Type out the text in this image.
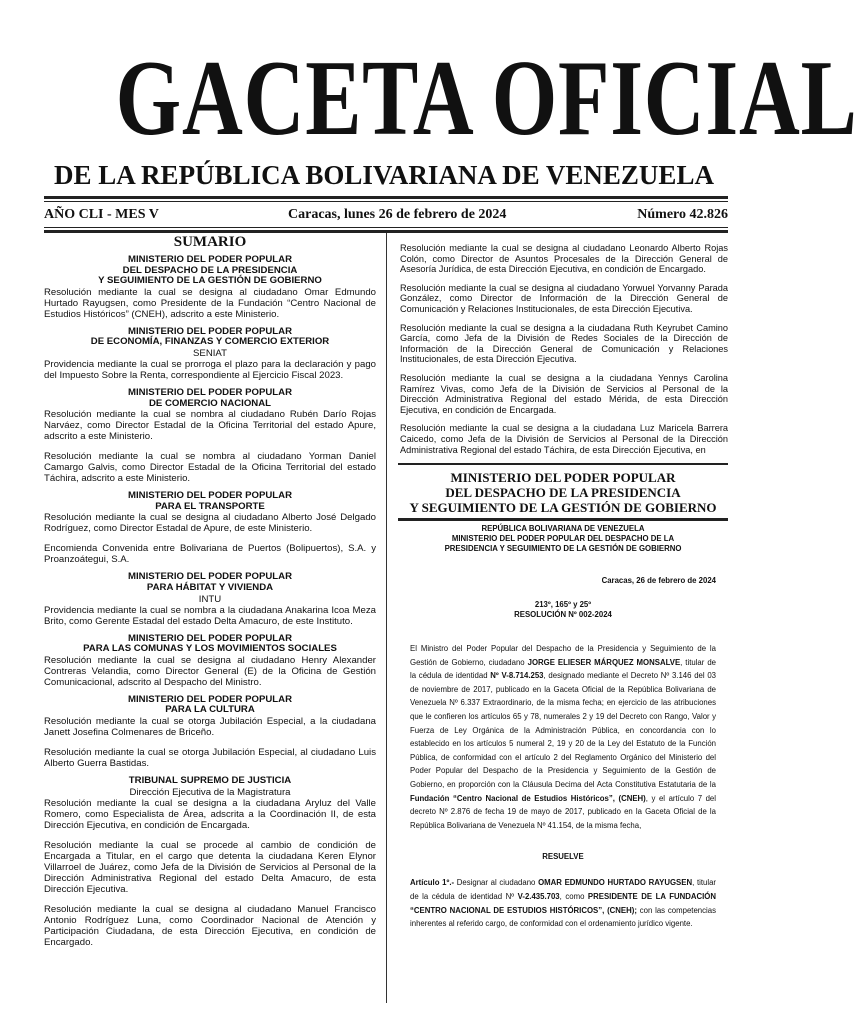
GACETA OFICIAL
DE LA REPÚBLICA BOLIVARIANA DE VENEZUELA
AÑO CLI - MES V	Caracas, lunes 26 de febrero de 2024	Número 42.826
SUMARIO
MINISTERIO DEL PODER POPULAR
DEL DESPACHO DE LA PRESIDENCIA
Y SEGUIMIENTO DE LA GESTIÓN DE GOBIERNO
Resolución mediante la cual se designa al ciudadano Omar Edmundo Hurtado Rayugsen, como Presidente de la Fundación “Centro Nacional de Estudios Históricos” (CNEH), adscrito a este Ministerio.
MINISTERIO DEL PODER POPULAR
DE ECONOMÍA, FINANZAS Y COMERCIO EXTERIOR
SENIAT
Providencia mediante la cual se prorroga el plazo para la declaración y pago del Impuesto Sobre la Renta, correspondiente al Ejercicio Fiscal 2023.
MINISTERIO DEL PODER POPULAR
DE COMERCIO NACIONAL
Resolución mediante la cual se nombra al ciudadano Rubén Darío Rojas Narváez, como Director Estadal de la Oficina Territorial del estado Apure, adscrito a este Ministerio.
Resolución mediante la cual se nombra al ciudadano Yorman Daniel Camargo Galvis, como Director Estadal de la Oficina Territorial del estado Táchira, adscrito a este Ministerio.
MINISTERIO DEL PODER POPULAR
PARA EL TRANSPORTE
Resolución mediante la cual se designa al ciudadano Alberto José Delgado Rodríguez, como Director Estadal de Apure, de este Ministerio.
Encomienda Convenida entre Bolivariana de Puertos (Bolipuertos), S.A. y Proanzoátegui, S.A.
MINISTERIO DEL PODER POPULAR
PARA HÁBITAT Y VIVIENDA
INTU
Providencia mediante la cual se nombra a la ciudadana Anakarina Icoa Meza Brito, como Gerente Estadal del estado Delta Amacuro, de este Instituto.
MINISTERIO DEL PODER POPULAR
PARA LAS COMUNAS Y LOS MOVIMIENTOS SOCIALES
Resolución mediante la cual se designa al ciudadano Henry Alexander Contreras Velandia, como Director General (E) de la Oficina de Gestión Comunicacional, adscrito al Despacho del Ministro.
MINISTERIO DEL PODER POPULAR
PARA LA CULTURA
Resolución mediante la cual se otorga Jubilación Especial, a la ciudadana Janett Josefina Colmenares de Briceño.
Resolución mediante la cual se otorga Jubilación Especial, al ciudadano Luis Alberto Guerra Bastidas.
TRIBUNAL SUPREMO DE JUSTICIA
Dirección Ejecutiva de la Magistratura
Resolución mediante la cual se designa a la ciudadana Aryluz del Valle Romero, como Especialista de Área, adscrita a la Coordinación II, de esta Dirección Ejecutiva, en condición de Encargada.
Resolución mediante la cual se procede al cambio de condición de Encargada a Titular, en el cargo que detenta la ciudadana Keren Elynor Villarroel de Juárez, como Jefa de la División de Servicios al Personal de la Dirección Administrativa Regional del estado Delta Amacuro, de esta Dirección Ejecutiva.
Resolución mediante la cual se designa al ciudadano Manuel Francisco Antonio Rodríguez Luna, como Coordinador Nacional de Atención y Participación Ciudadana, de esta Dirección Ejecutiva, en condición de Encargado.
Resolución mediante la cual se designa al ciudadano Leonardo Alberto Rojas Colón, como Director de Asuntos Procesales de la Dirección General de Asesoría Jurídica, de esta Dirección Ejecutiva, en condición de Encargado.
Resolución mediante la cual se designa al ciudadano Yorwuel Yorvanny Parada González, como Director de Información de la Dirección General de Comunicación y Relaciones Institucionales, de esta Dirección Ejecutiva.
Resolución mediante la cual se designa a la ciudadana Ruth Keyrubet Camino García, como Jefa de la División de Redes Sociales de la Dirección de Información de la Dirección General de Comunicación y Relaciones Institucionales, de esta Dirección Ejecutiva.
Resolución mediante la cual se designa a la ciudadana Yennys Carolina Ramírez Vivas, como Jefa de la División de Servicios al Personal de la Dirección Administrativa Regional del estado Mérida, de esta Dirección Ejecutiva, en condición de Encargada.
Resolución mediante la cual se designa a la ciudadana Luz Maricela Barrera Caicedo, como Jefa de la División de Servicios al Personal de la Dirección Administrativa Regional del estado Táchira, de esta Dirección Ejecutiva, en
MINISTERIO DEL PODER POPULAR
DEL DESPACHO DE LA PRESIDENCIA
Y SEGUIMIENTO DE LA GESTIÓN DE GOBIERNO
REPÚBLICA BOLIVARIANA DE VENEZUELA
MINISTERIO DEL PODER POPULAR DEL DESPACHO DE LA
PRESIDENCIA Y SEGUIMIENTO DE LA GESTIÓN DE GOBIERNO
Caracas, 26 de febrero de 2024
213º, 165º y 25º
RESOLUCIÓN Nº 002-2024
El Ministro del Poder Popular del Despacho de la Presidencia y Seguimiento de la Gestión de Gobierno, ciudadano JORGE ELIESER MÁRQUEZ MONSALVE, titular de la cédula de identidad Nº V-8.714.253, designado mediante el Decreto Nº 3.146 del 03 de noviembre de 2017, publicado en la Gaceta Oficial de la República Bolivariana de Venezuela Nº 6.337 Extraordinario, de la misma fecha; en ejercicio de las atribuciones que le confieren los artículos 65 y 78, numerales 2 y 19 del Decreto con Rango, Valor y Fuerza de Ley Orgánica de la Administración Pública, en concordancia con lo establecido en los artículos 5 numeral 2, 19 y 20 de la Ley del Estatuto de la Función Pública, de conformidad con el artículo 2 del Reglamento Orgánico del Ministerio del Poder Popular del Despacho de la Presidencia y Seguimiento de la Gestión de Gobierno, en proporción con la Cláusula Decima del Acta Constitutiva Estatutaria de la Fundación “Centro Nacional de Estudios Históricos”, (CNEH), y el artículo 7 del decreto Nº 2.876 de fecha 19 de mayo de 2017, publicado en la Gaceta Oficial de la República Bolivariana de Venezuela Nº 41.154, de la misma fecha,
RESUELVE
Artículo 1º.- Designar al ciudadano OMAR EDMUNDO HURTADO RAYUGSEN, titular de la cédula de identidad Nº V-2.435.703, como PRESIDENTE DE LA FUNDACIÓN “CENTRO NACIONAL DE ESTUDIOS HISTÓRICOS”, (CNEH); con las competencias inherentes al referido cargo, de conformidad con el ordenamiento jurídico vigente.
